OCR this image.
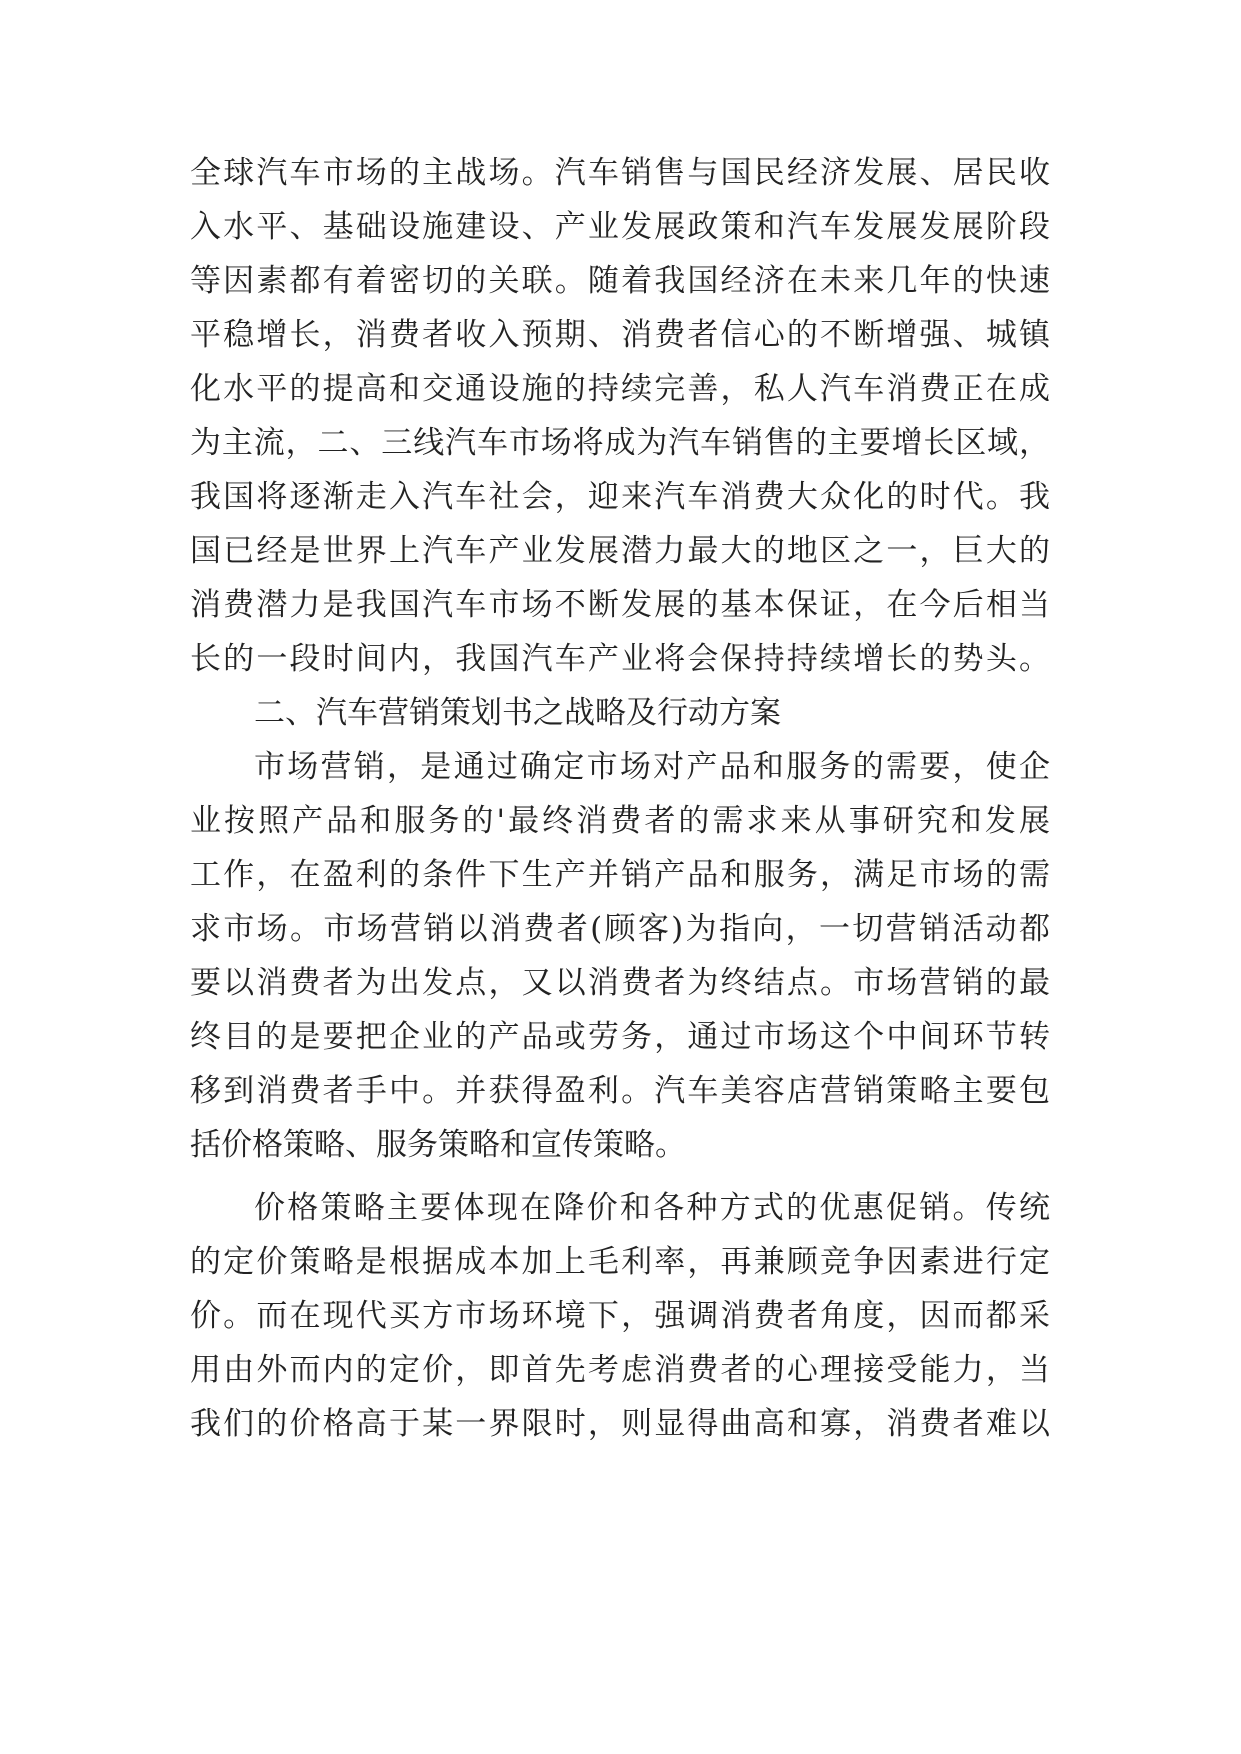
全球汽车市场的主战场。汽车销售与国民经济发展、居民收
入水平、基础设施建设、产业发展政策和汽车发展发展阶段
等因素都有着密切的关联。随着我国经济在未来几年的快速
平稳增长，消费者收入预期、消费者信心的不断增强、城镇
化水平的提高和交通设施的持续完善，私人汽车消费正在成
为主流，二、三线汽车市场将成为汽车销售的主要增长区域，
我国将逐渐走入汽车社会，迎来汽车消费大众化的时代。我
国已经是世界上汽车产业发展潜力最大的地区之一，巨大的
消费潜力是我国汽车市场不断发展的基本保证，在今后相当
长的一段时间内，我国汽车产业将会保持持续增长的势头。
二、汽车营销策划书之战略及行动方案
市场营销，是通过确定市场对产品和服务的需要，使企
业按照产品和服务的'最终消费者的需求来从事研究和发展
工作，在盈利的条件下生产并销产品和服务，满足市场的需
求市场。市场营销以消费者(顾客)为指向，一切营销活动都
要以消费者为出发点，又以消费者为终结点。市场营销的最
终目的是要把企业的产品或劳务，通过市场这个中间环节转
移到消费者手中。并获得盈利。汽车美容店营销策略主要包
括价格策略、服务策略和宣传策略。
价格策略主要体现在降价和各种方式的优惠促销。传统
的定价策略是根据成本加上毛利率，再兼顾竞争因素进行定
价。而在现代买方市场环境下，强调消费者角度，因而都采
用由外而内的定价，即首先考虑消费者的心理接受能力，当
我们的价格高于某一界限时，则显得曲高和寡，消费者难以
